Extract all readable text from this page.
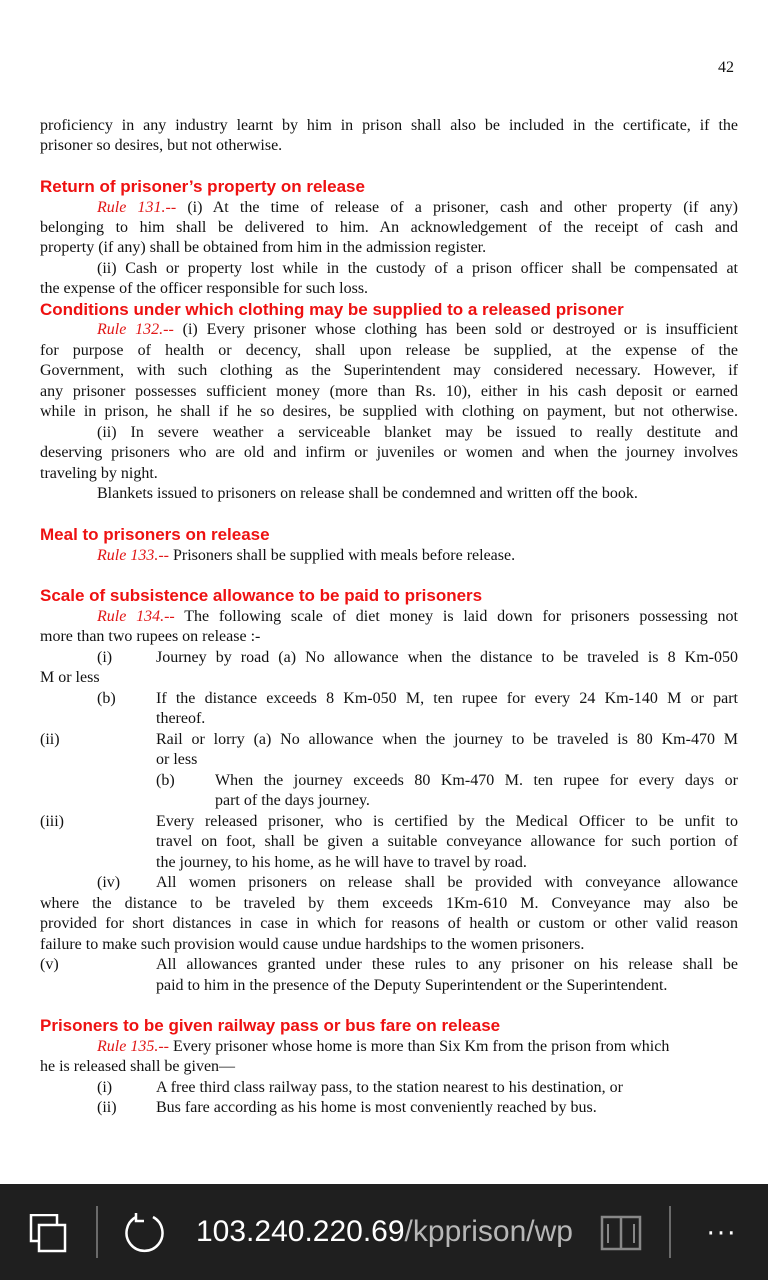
42
proficiency in any industry learnt by him in prison shall also be included in the certificate, if the
prisoner so desires, but not otherwise.
Return of prisoner’s property on release
Rule 131.-- (i) At the time of release of a prisoner, cash and other property (if any)
belonging to him shall be delivered to him. An acknowledgement of the receipt of cash and
property (if any) shall be obtained from him in the admission register.
(ii) Cash or property lost while in the custody of a prison officer shall be compensated at
the expense of the officer responsible for such loss.
Conditions under which clothing may be supplied to a released prisoner
Rule 132.-- (i) Every prisoner whose clothing has been sold or destroyed or is insufficient
for purpose of health or decency, shall upon release be supplied, at the expense of the
Government, with such clothing as the Superintendent may considered necessary. However, if
any prisoner possesses sufficient money (more than Rs. 10), either in his cash deposit or earned
while in prison, he shall if he so desires, be supplied with clothing on payment, but not otherwise.
(ii) In severe weather a serviceable blanket may be issued to really destitute and
deserving prisoners who are old and infirm or juveniles or women and when the journey involves
traveling by night.
Blankets issued to prisoners on release shall be condemned and written off the book.
Meal to prisoners on release
Rule 133.-- Prisoners shall be supplied with meals before release.
Scale of subsistence allowance to be paid to prisoners
Rule 134.-- The following scale of diet money is laid down for prisoners possessing not
more than two rupees on release :-
(i)	Journey by road (a) No allowance when the distance to be traveled is 8 Km-050
M or less
(b)	If the distance exceeds 8 Km-050 M, ten rupee for every 24 Km-140 M or part
thereof.
(ii)	Rail or lorry (a) No allowance when the journey to be traveled is 80 Km-470 M
or less
(b)	When the journey exceeds 80 Km-470 M. ten rupee for every days or
part of the days journey.
(iii)	Every released prisoner, who is certified by the Medical Officer to be unfit to
travel on foot, shall be given a suitable conveyance allowance for such portion of
the journey, to his home, as he will have to travel by road.
(iv) All women prisoners on release shall be provided with conveyance allowance
where the distance to be traveled by them exceeds 1Km-610 M. Conveyance may also be
provided for short distances in case in which for reasons of health or custom or other valid reason
failure to make such provision would cause undue hardships to the women prisoners.
(v)	All allowances granted under these rules to any prisoner on his release shall be
paid to him in the presence of the Deputy Superintendent or the Superintendent.
Prisoners to be given railway pass or bus fare on release
Rule 135.-- Every prisoner whose home is more than Six Km from the prison from which
he is released shall be given—
(i)	A free third class railway pass, to the station nearest to his destination, or
(ii) Bus fare according as his home is most conveniently reached by bus.
103.240.220.69/kpprison/wp	···
